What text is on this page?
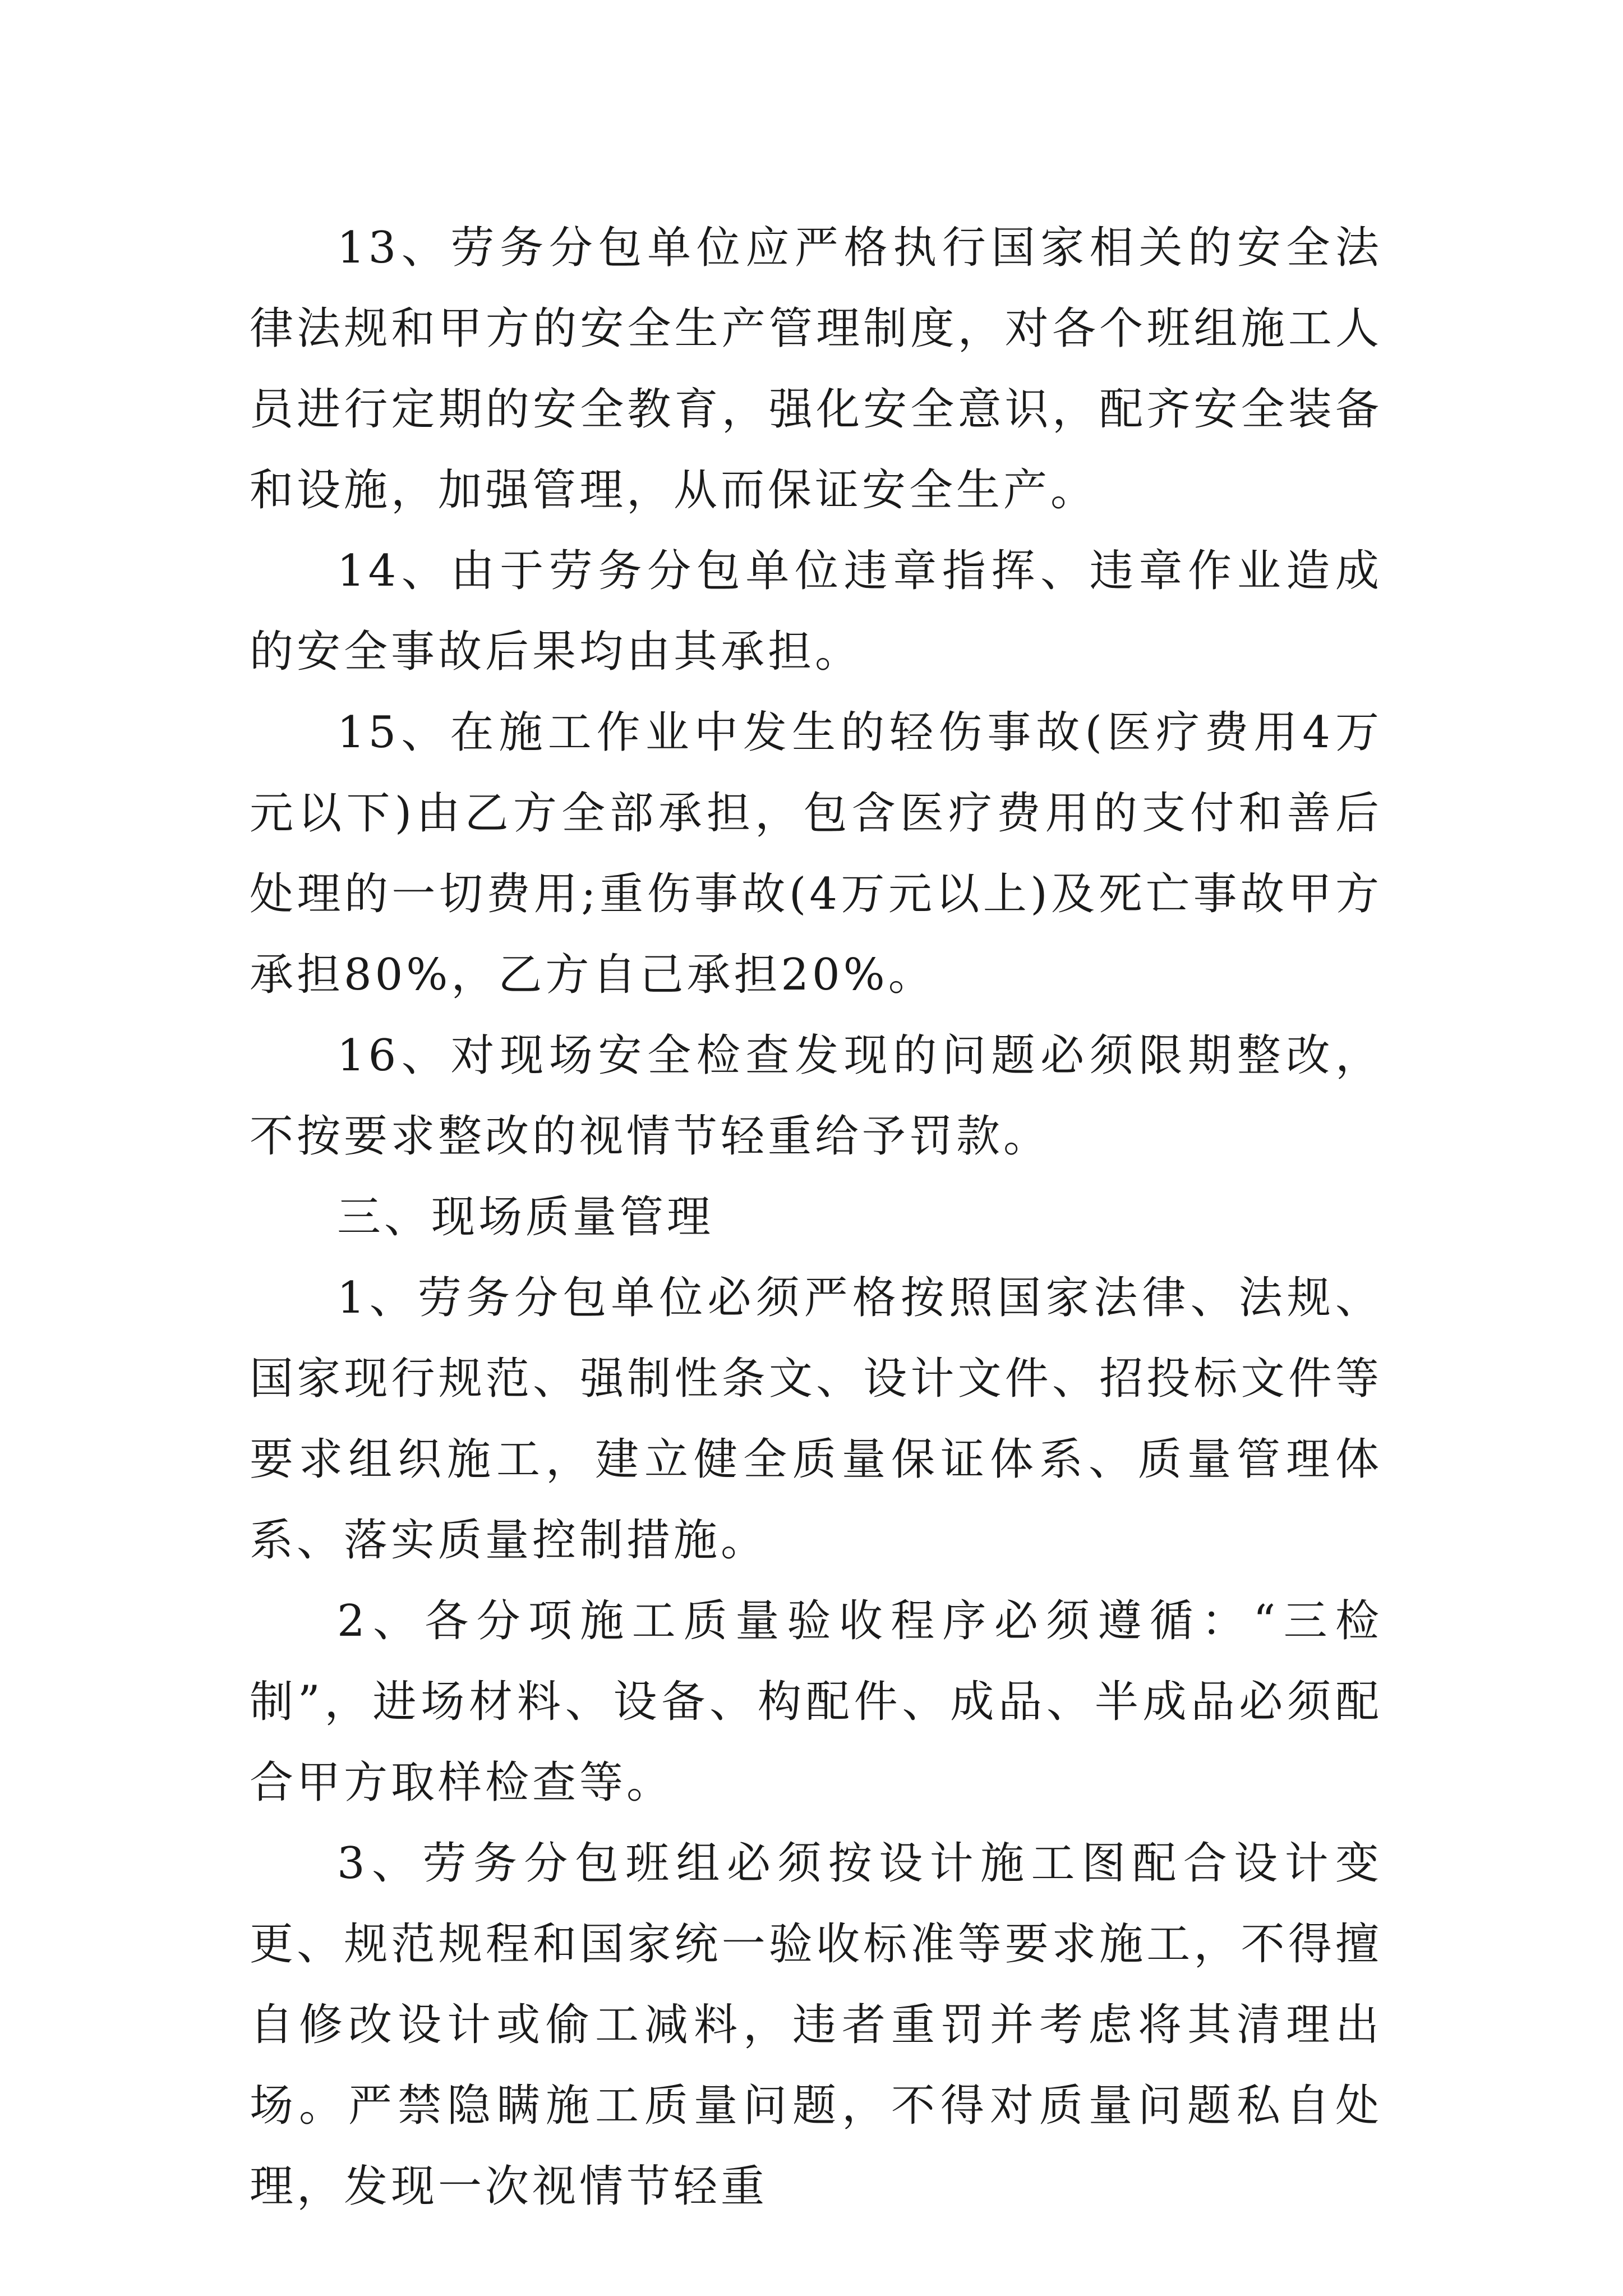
13、劳务分包单位应严格执行国家相关的安全法律法规和甲方的安全生产管理制度，对各个班组施工人员进行定期的安全教育，强化安全意识，配齐安全装备和设施，加强管理，从而保证安全生产。

14、由于劳务分包单位违章指挥、违章作业造成的安全事故后果均由其承担。

15、在施工作业中发生的轻伤事故(医疗费用4万元以下)由乙方全部承担，包含医疗费用的支付和善后处理的一切费用;重伤事故(4万元以上)及死亡事故甲方承担80%，乙方自己承担20%。

16、对现场安全检查发现的问题必须限期整改，不按要求整改的视情节轻重给予罚款。

三、现场质量管理

1、劳务分包单位必须严格按照国家法律、法规、国家现行规范、强制性条文、设计文件、招投标文件等要求组织施工，建立健全质量保证体系、质量管理体系、落实质量控制措施。

2、各分项施工质量验收程序必须遵循：“三检制”，进场材料、设备、构配件、成品、半成品必须配合甲方取样检查等。

3、劳务分包班组必须按设计施工图配合设计变更、规范规程和国家统一验收标准等要求施工，不得擅自修改设计或偷工减料，违者重罚并考虑将其清理出场。严禁隐瞒施工质量问题，不得对质量问题私自处理，发现一次视情节轻重
